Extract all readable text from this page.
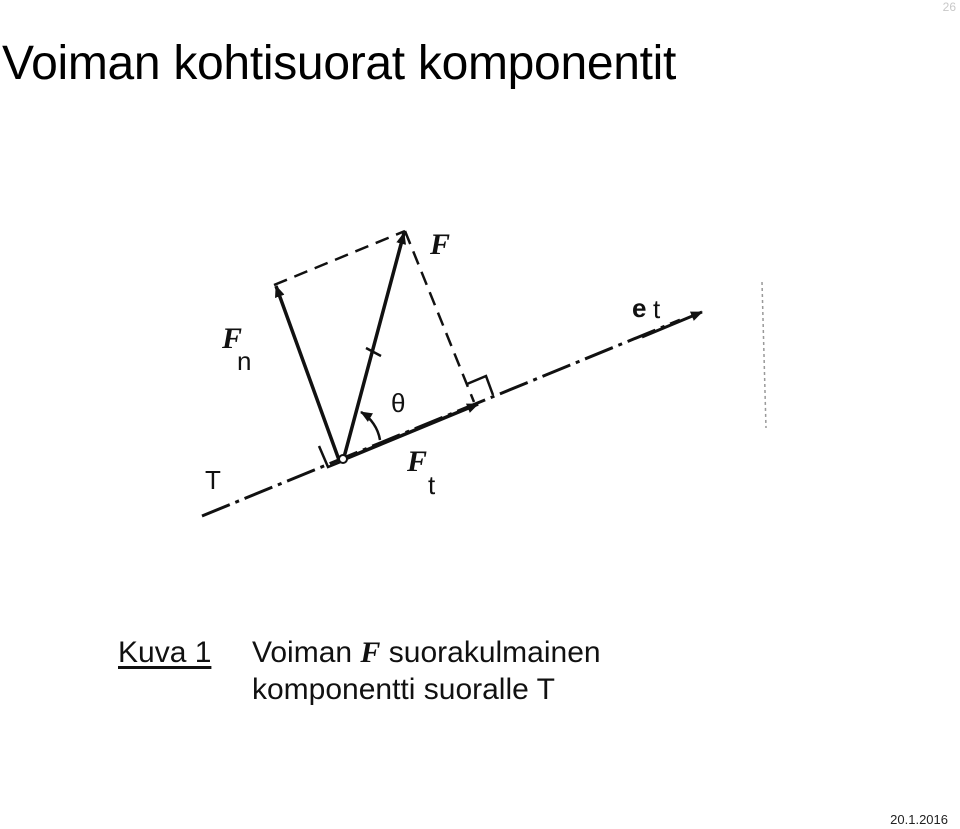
26
Voiman kohtisuorat komponentit
F
F
n
F
t
e t
T
θ
Kuva 1 Voiman F suorakulmainen
komponentti suoralle T
20.1.2016
